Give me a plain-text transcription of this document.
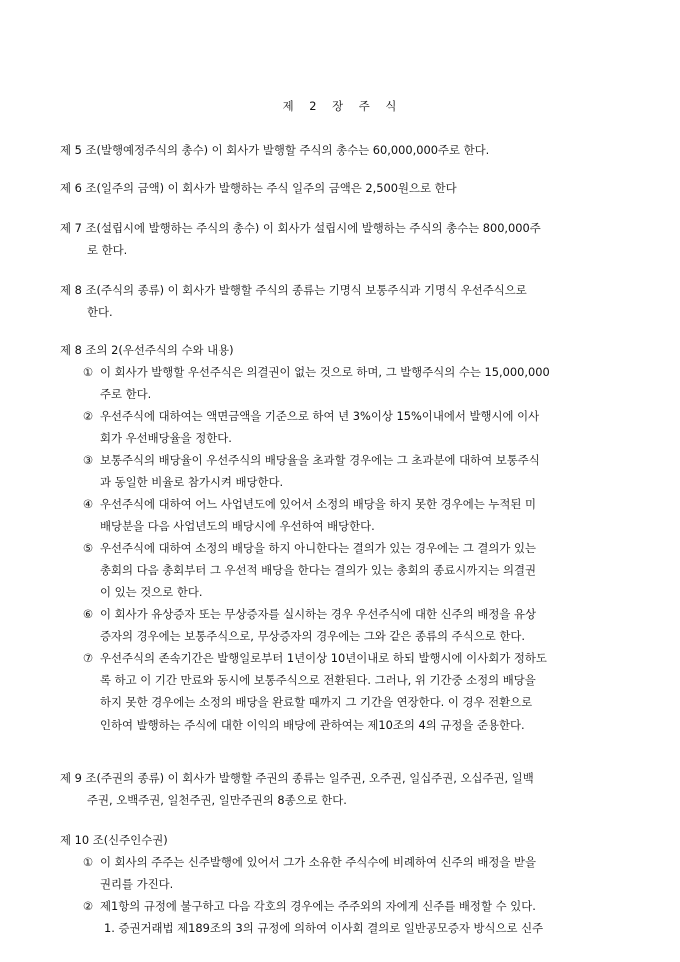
제 2 장 주 식
제 5 조(발행예정주식의 총수) 이 회사가 발행할 주식의 총수는 60,000,000주로 한다.
제 6 조(일주의 금액) 이 회사가 발행하는 주식 일주의 금액은 2,500원으로 한다
제 7 조(설립시에 발행하는 주식의 총수) 이 회사가 설립시에 발행하는 주식의 총수는 800,000주
로 한다.
제 8 조(주식의 종류) 이 회사가 발행할 주식의 종류는 기명식 보통주식과 기명식 우선주식으로
한다.
제 8 조의 2(우선주식의 수와 내용)
① 이 회사가 발행할 우선주식은 의결권이 없는 것으로 하며, 그 발행주식의 수는 15,000,000
주로 한다.
② 우선주식에 대하여는 액면금액을 기준으로 하여 년 3%이상 15%이내에서 발행시에 이사
회가 우선배당율을 정한다.
③ 보통주식의 배당율이 우선주식의 배당율을 초과할 경우에는 그 초과분에 대하여 보통주식
과 동일한 비율로 참가시켜 배당한다.
④ 우선주식에 대하여 어느 사업년도에 있어서 소정의 배당을 하지 못한 경우에는 누적된 미
배당분을 다음 사업년도의 배당시에 우선하여 배당한다.
⑤ 우선주식에 대하여 소정의 배당을 하지 아니한다는 결의가 있는 경우에는 그 결의가 있는
총회의 다음 총회부터 그 우선적 배당을 한다는 결의가 있는 총회의 종료시까지는 의결권
이 있는 것으로 한다.
⑥ 이 회사가 유상증자 또는 무상증자를 실시하는 경우 우선주식에 대한 신주의 배정을 유상
증자의 경우에는 보통주식으로, 무상증자의 경우에는 그와 같은 종류의 주식으로 한다.
⑦ 우선주식의 존속기간은 발행일로부터 1년이상 10년이내로 하되 발행시에 이사회가 정하도
록 하고 이 기간 만료와 동시에 보통주식으로 전환된다. 그러나, 위 기간중 소정의 배당을
하지 못한 경우에는 소정의 배당을 완료할 때까지 그 기간을 연장한다. 이 경우 전환으로
인하여 발행하는 주식에 대한 이익의 배당에 관하여는 제10조의 4의 규정을 준용한다.
제 9 조(주권의 종류) 이 회사가 발행할 주권의 종류는 일주권, 오주권, 일십주권, 오십주권, 일백
주권, 오백주권, 일천주권, 일만주권의 8종으로 한다.
제 10 조(신주인수권)
① 이 회사의 주주는 신주발행에 있어서 그가 소유한 주식수에 비례하여 신주의 배정을 받을
권리를 가진다.
② 제1항의 규정에 불구하고 다음 각호의 경우에는 주주외의 자에게 신주를 배정할 수 있다.
1. 증권거래법 제189조의 3의 규정에 의하여 이사회 결의로 일반공모증자 방식으로 신주
